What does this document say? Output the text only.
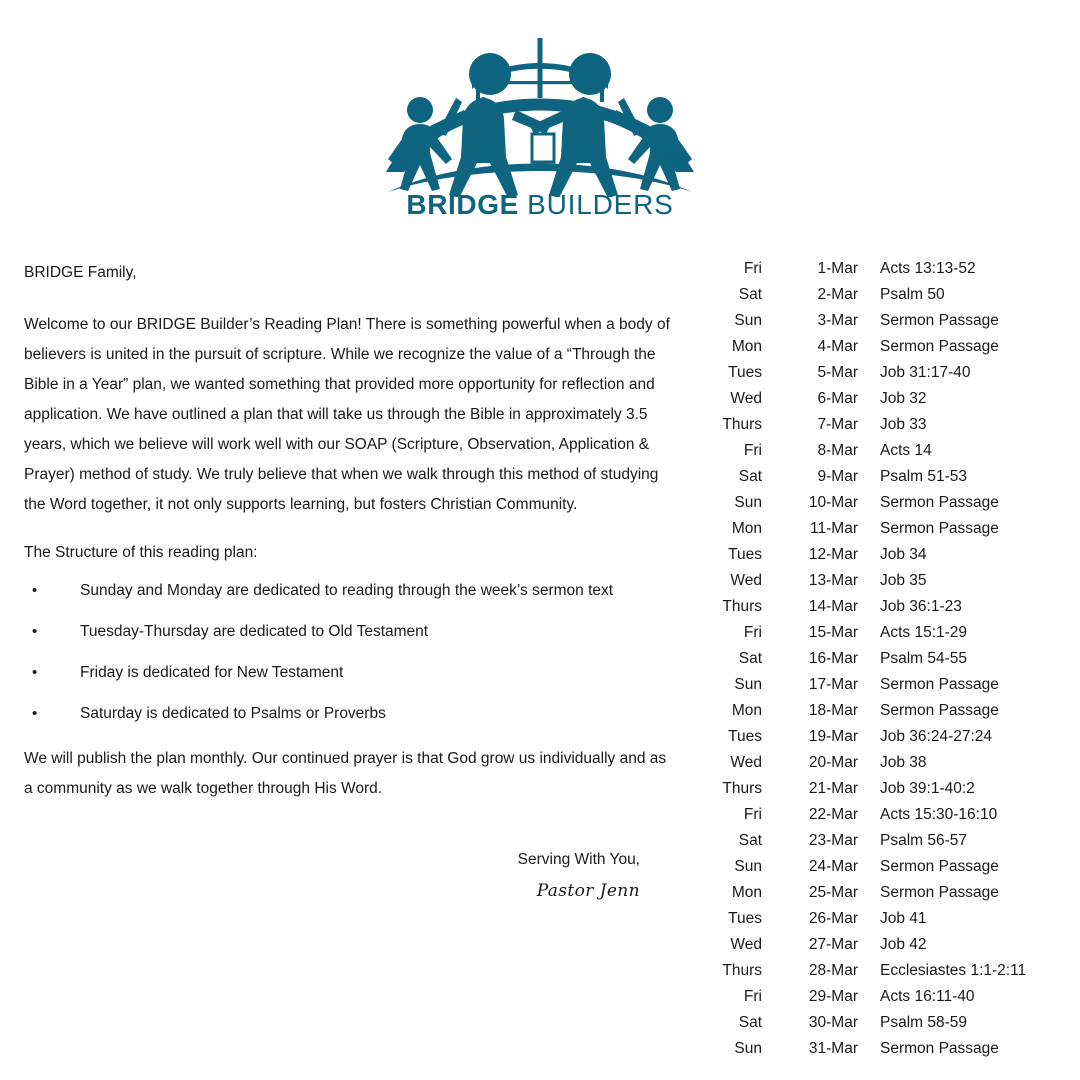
BRIDGE BUILDERS

BRIDGE Family,

Welcome to our BRIDGE Builder’s Reading Plan! There is something powerful when a body of believers is united in the pursuit of scripture. While we recognize the value of a “Through the Bible in a Year” plan, we wanted something that provided more opportunity for reflection and application. We have outlined a plan that will take us through the Bible in approximately 3.5 years, which we believe will work well with our SOAP (Scripture, Observation, Application & Prayer) method of study. We truly believe that when we walk through this method of studying the Word together, it not only supports learning, but fosters Christian Community.

The Structure of this reading plan:

•	Sunday and Monday are dedicated to reading through the week’s sermon text
•	Tuesday-Thursday are dedicated to Old Testament
•	Friday is dedicated for New Testament
•	Saturday is dedicated to Psalms or Proverbs

We will publish the plan monthly. Our continued prayer is that God grow us individually and as a community as we walk together through His Word.

Serving With You,

Pastor Jenn

Fri	1-Mar	Acts 13:13-52
Sat	2-Mar	Psalm 50
Sun	3-Mar	Sermon Passage
Mon	4-Mar	Sermon Passage
Tues	5-Mar	Job 31:17-40
Wed	6-Mar	Job 32
Thurs	7-Mar	Job 33
Fri	8-Mar	Acts 14
Sat	9-Mar	Psalm 51-53
Sun	10-Mar	Sermon Passage
Mon	11-Mar	Sermon Passage
Tues	12-Mar	Job 34
Wed	13-Mar	Job 35
Thurs	14-Mar	Job 36:1-23
Fri	15-Mar	Acts 15:1-29
Sat	16-Mar	Psalm 54-55
Sun	17-Mar	Sermon Passage
Mon	18-Mar	Sermon Passage
Tues	19-Mar	Job 36:24-27:24
Wed	20-Mar	Job 38
Thurs	21-Mar	Job 39:1-40:2
Fri	22-Mar	Acts 15:30-16:10
Sat	23-Mar	Psalm 56-57
Sun	24-Mar	Sermon Passage
Mon	25-Mar	Sermon Passage
Tues	26-Mar	Job 41
Wed	27-Mar	Job 42
Thurs	28-Mar	Ecclesiastes 1:1-2:11
Fri	29-Mar	Acts 16:11-40
Sat	30-Mar	Psalm 58-59
Sun	31-Mar	Sermon Passage
